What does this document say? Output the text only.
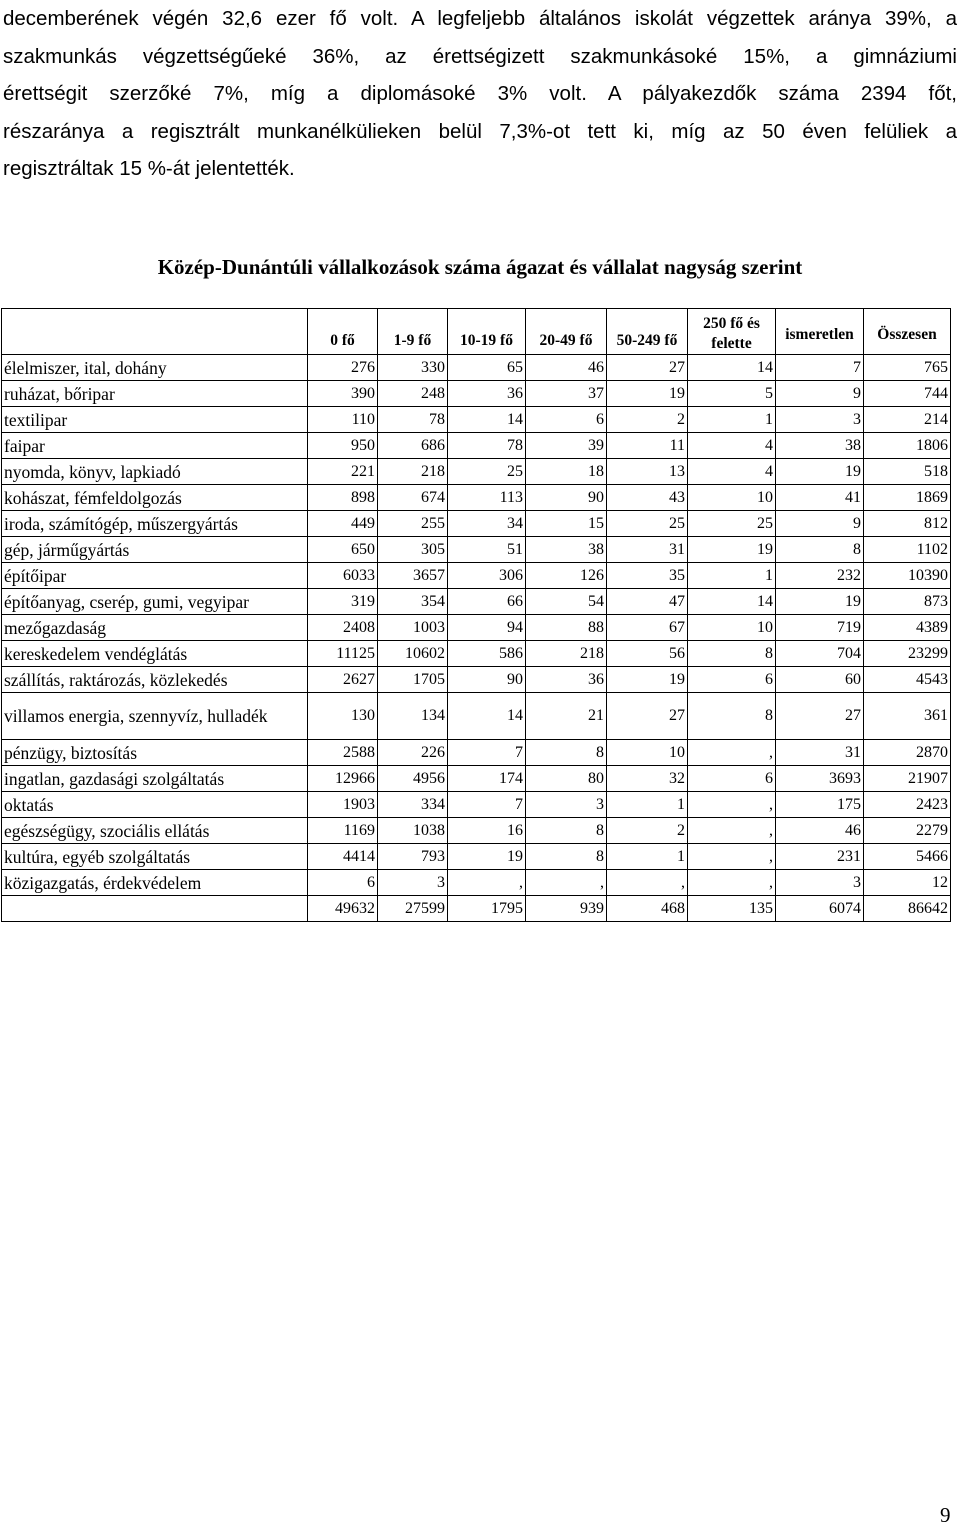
decemberének végén 32,6 ezer fő volt. A legfeljebb általános iskolát végzettek aránya 39%, a
szakmunkás végzettségűeké 36%, az érettségizett szakmunkásoké 15%, a gimnáziumi
érettségit szerzőké 7%, míg a diplomásoké 3% volt. A pályakezdők száma 2394 főt,
részaránya a regisztrált munkanélkülieken belül 7,3%-ot tett ki, míg az 50 éven felüliek a
regisztráltak 15 %-át jelentették.
Közép-Dunántúli vállalkozások száma ágazat és vállalat nagyság szerint
	0 fő	1-9 fő	10-19 fő	20-49 fő	50-249 fő	250 fő és felette	ismeretlen	Összesen
élelmiszer, ital, dohány	276	330	65	46	27	14	7	765
ruházat, bőripar	390	248	36	37	19	5	9	744
textilipar	110	78	14	6	2	1	3	214
faipar	950	686	78	39	11	4	38	1806
nyomda, könyv, lapkiadó	221	218	25	18	13	4	19	518
kohászat, fémfeldolgozás	898	674	113	90	43	10	41	1869
iroda, számítógép, műszergyártás	449	255	34	15	25	25	9	812
gép, járműgyártás	650	305	51	38	31	19	8	1102
építőipar	6033	3657	306	126	35	1	232	10390
építőanyag, cserép, gumi, vegyipar	319	354	66	54	47	14	19	873
mezőgazdaság	2408	1003	94	88	67	10	719	4389
kereskedelem vendéglátás	11125	10602	586	218	56	8	704	23299
szállítás, raktározás, közlekedés	2627	1705	90	36	19	6	60	4543
villamos energia, szennyvíz, hulladék	130	134	14	21	27	8	27	361
pénzügy, biztosítás	2588	226	7	8	10	,	31	2870
ingatlan, gazdasági szolgáltatás	12966	4956	174	80	32	6	3693	21907
oktatás	1903	334	7	3	1	,	175	2423
egészségügy, szociális ellátás	1169	1038	16	8	2	,	46	2279
kultúra, egyéb szolgáltatás	4414	793	19	8	1	,	231	5466
közigazgatás, érdekvédelem	6	3	,	,	,	,	3	12
	49632	27599	1795	939	468	135	6074	86642
9
